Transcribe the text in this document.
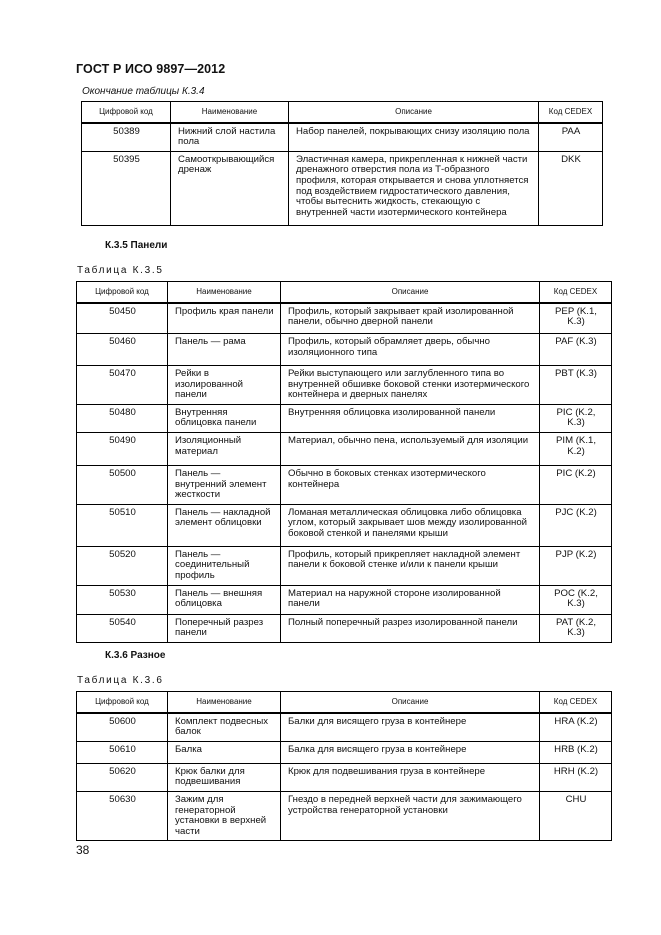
ГОСТ Р ИСО 9897—2012
Окончание таблицы К.3.4
Цифровой код	Наименование	Описание	Код CEDEX
50389	Нижний слой настила пола	Набор панелей, покрывающих снизу изоляцию пола	PAA
50395	Самооткрывающийся дренаж	Эластичная камера, прикрепленная к нижней части дренажного отверстия пола из Т-образного профиля, которая открывается и снова уплотняется под воздействием гидростатического давления, чтобы вытеснить жидкость, стекающую с внутренней части изотермического контейнера	DKK
К.3.5 Панели
Таблица К.3.5
Цифровой код	Наименование	Описание	Код CEDEX
50450	Профиль края панели	Профиль, который закрывает край изолированной панели, обычно дверной панели	PEP (K.1, K.3)
50460	Панель — рама	Профиль, который обрамляет дверь, обычно изоляционного типа	PAF (K.3)
50470	Рейки в изолированной панели	Рейки выступающего или заглубленного типа во внутренней обшивке боковой стенки изотермического контейнера и дверных панелях	PBT (K.3)
50480	Внутренняя облицовка панели	Внутренняя облицовка изолированной панели	PIC (K.2, K.3)
50490	Изоляционный материал	Материал, обычно пена, используемый для изоляции	PIM (K.1, K.2)
50500	Панель — внутренний элемент жесткости	Обычно в боковых стенках изотермического контейнера	PIC (K.2)
50510	Панель — накладной элемент облицовки	Ломаная металлическая облицовка либо облицовка углом, который закрывает шов между изолированной боковой стенкой и панелями крыши	PJC (K.2)
50520	Панель — соединительный профиль	Профиль, который прикрепляет накладной элемент панели к боковой стенке и/или к панели крыши	PJP (K.2)
50530	Панель — внешняя облицовка	Материал на наружной стороне изолированной панели	POC (K.2, K.3)
50540	Поперечный разрез панели	Полный поперечный разрез изолированной панели	PAT (K.2, K.3)
К.3.6 Разное
Таблица К.3.6
Цифровой код	Наименование	Описание	Код CEDEX
50600	Комплект подвесных балок	Балки для висящего груза в контейнере	HRA (K.2)
50610	Балка	Балка для висящего груза в контейнере	HRB (K.2)
50620	Крюк балки для подвешивания	Крюк для подвешивания груза в контейнере	HRH (K.2)
50630	Зажим для генераторной установки в верхней части	Гнездо в передней верхней части для зажимающего устройства генераторной установки	CHU
38
